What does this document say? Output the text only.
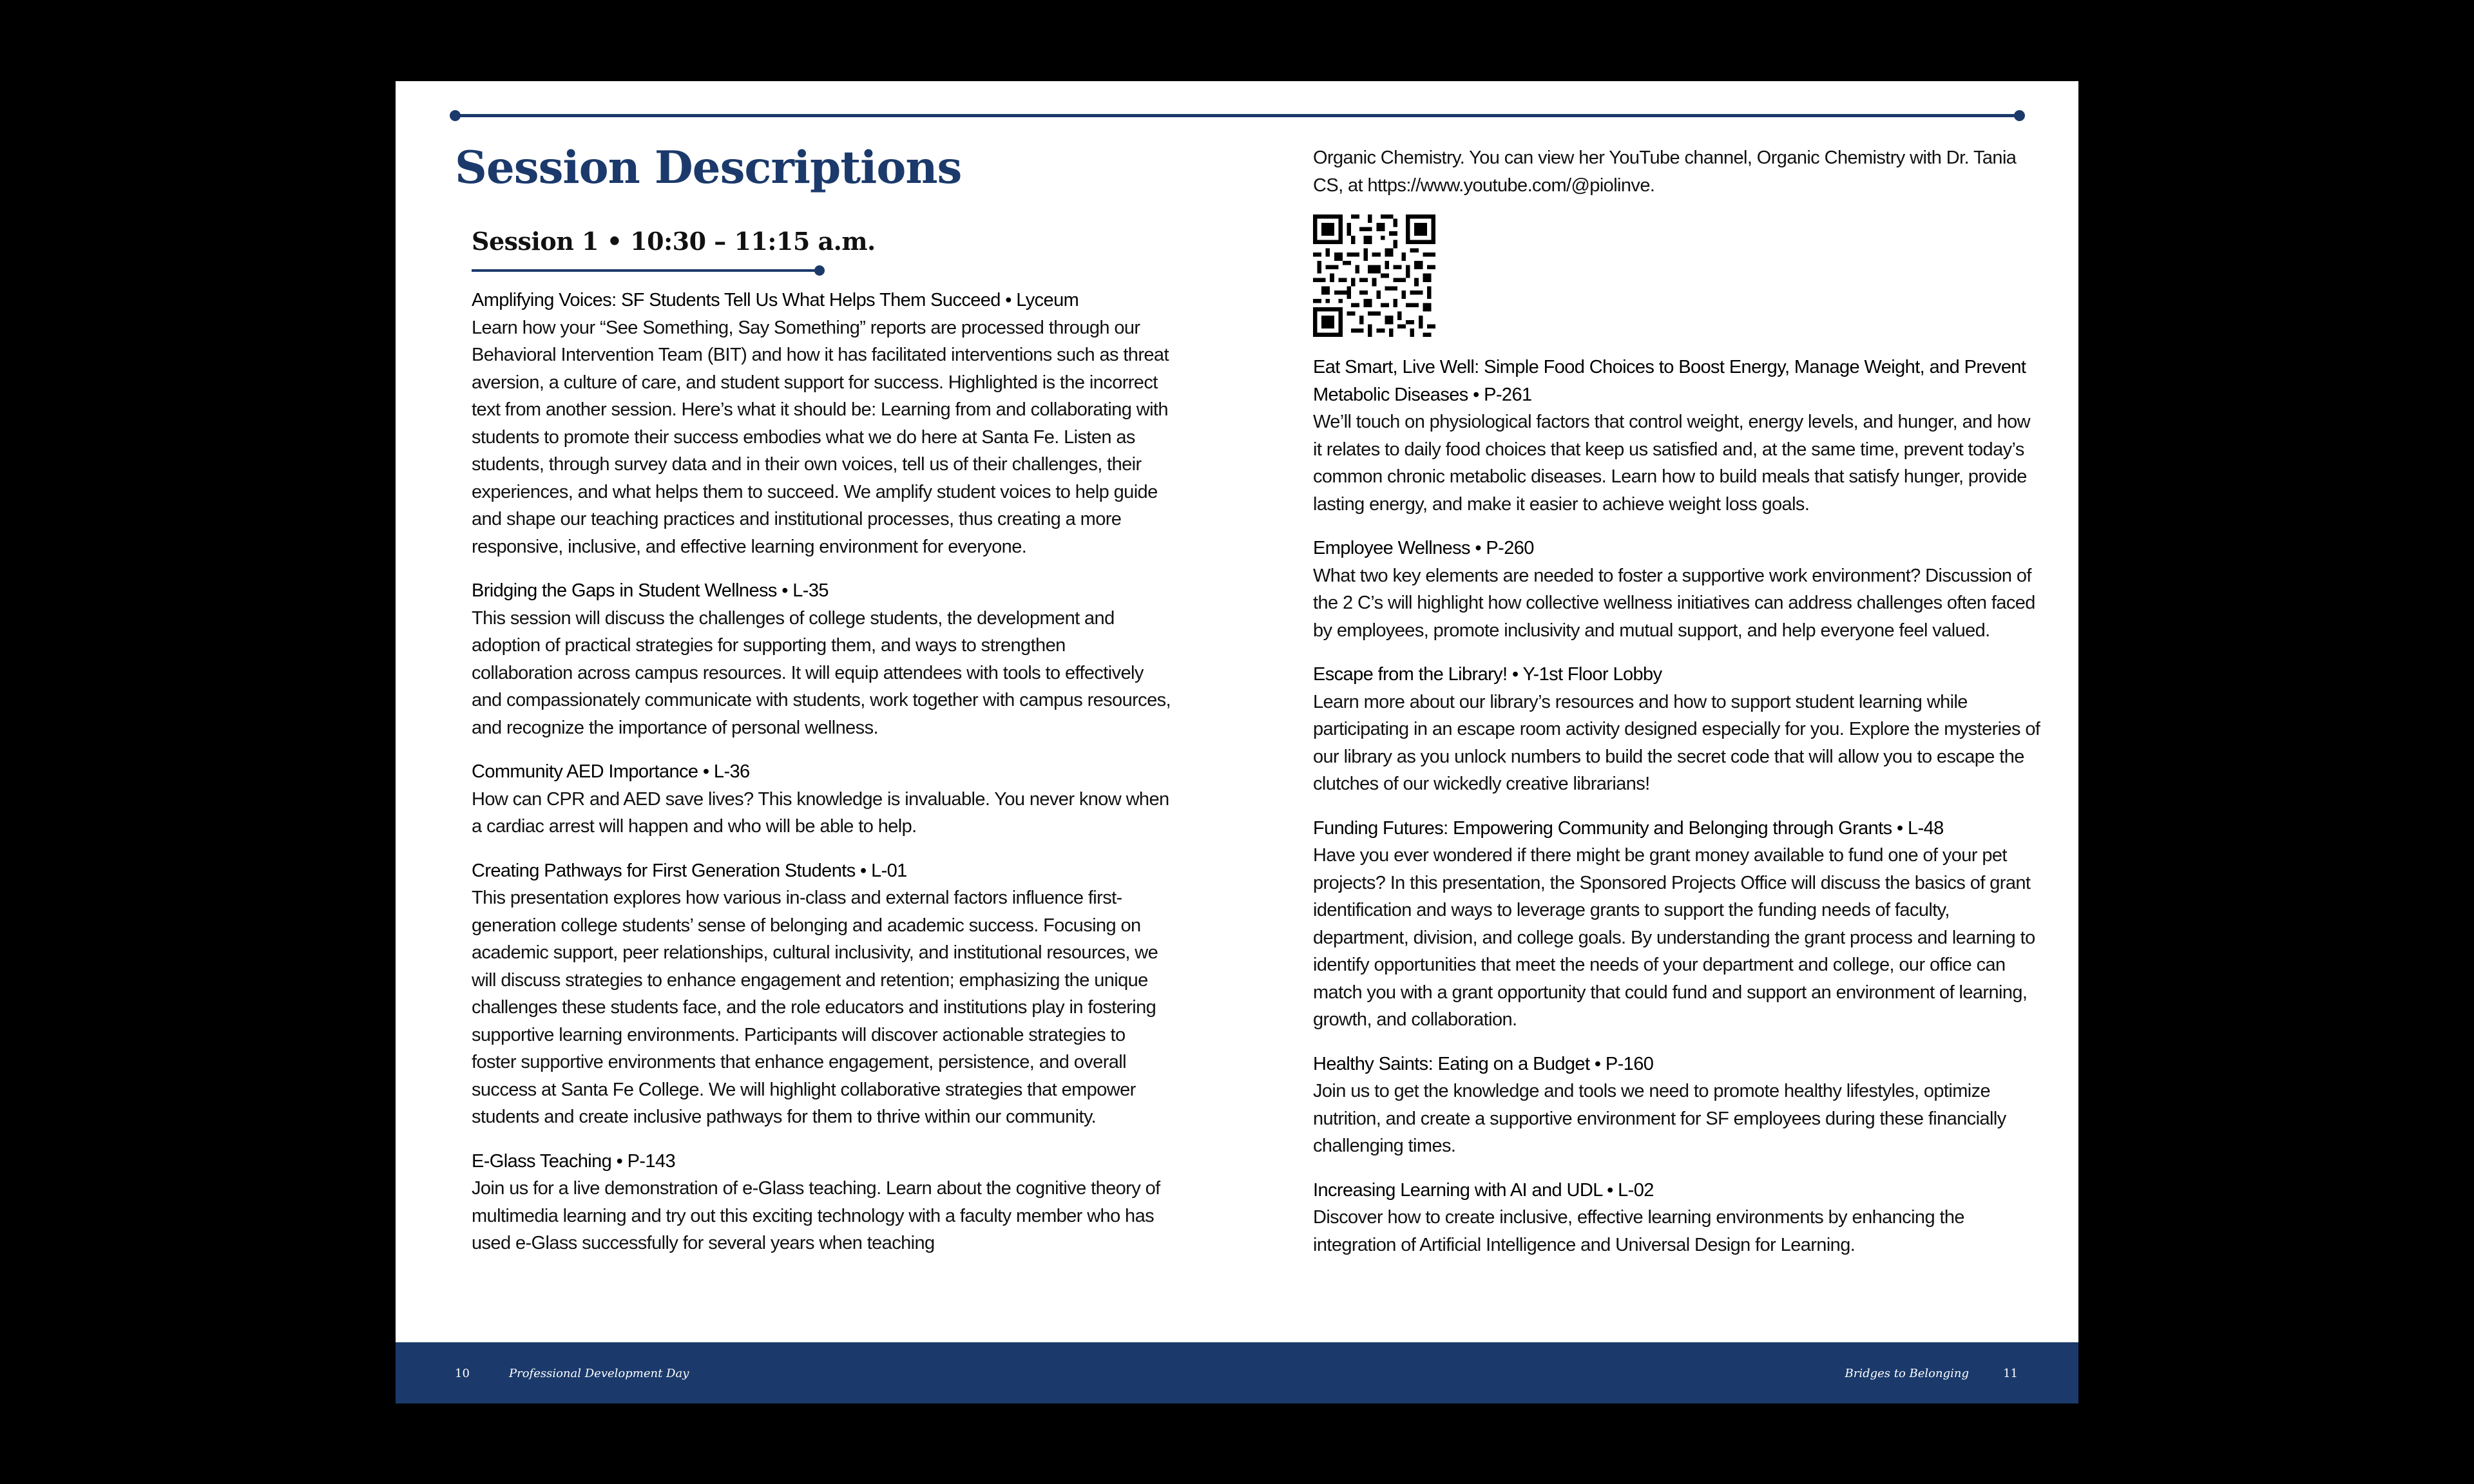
Session Descriptions
Session 1 • 10:30 – 11:15 a.m.
Amplifying Voices: SF Students Tell Us What Helps Them Succeed • Lyceum

Learn how your “See Something, Say Something” reports are processed through our Behavioral Intervention Team (BIT) and how it has facilitated interventions such as threat aversion, a culture of care, and student support for success. Highlighted is the incorrect text from another session. Here’s what it should be: Learning from and collaborating with students to promote their success embodies what we do here at Santa Fe. Listen as students, through survey data and in their own voices, tell us of their challenges, their experiences, and what helps them to succeed. We amplify student voices to help guide and shape our teaching practices and institutional processes, thus creating a more responsive, inclusive, and effective learning environment for everyone.

Bridging the Gaps in Student Wellness • L-35

This session will discuss the challenges of college students, the development and adoption of practical strategies for supporting them, and ways to strengthen collaboration across campus resources. It will equip attendees with tools to effectively and compassionately communicate with students, work together with campus resources, and recognize the importance of personal wellness.

Community AED Importance • L-36

How can CPR and AED save lives? This knowledge is invaluable. You never know when a cardiac arrest will happen and who will be able to help.

Creating Pathways for First Generation Students • L-01

This presentation explores how various in-class and external factors influence first-generation college students’ sense of belonging and academic success. Focusing on academic support, peer relationships, cultural inclusivity, and institutional resources, we will discuss strategies to enhance engagement and retention; emphasizing the unique challenges these students face, and the role educators and institutions play in fostering supportive learning environments. Participants will discover actionable strategies to foster supportive environments that enhance engagement, persistence, and overall success at Santa Fe College. We will highlight collaborative strategies that empower students and create inclusive pathways for them to thrive within our community.

E-Glass Teaching • P-143

Join us for a live demonstration of e-Glass teaching. Learn about the cognitive theory of multimedia learning and try out this exciting technology with a faculty member who has used e-Glass successfully for several years when teaching

Organic Chemistry. You can view her YouTube channel, Organic Chemistry with Dr. Tania CS, at https://www.youtube.com/@piolinve.

Eat Smart, Live Well: Simple Food Choices to Boost Energy, Manage Weight, and Prevent Metabolic Diseases • P-261

We’ll touch on physiological factors that control weight, energy levels, and hunger, and how it relates to daily food choices that keep us satisfied and, at the same time, prevent today’s common chronic metabolic diseases. Learn how to build meals that satisfy hunger, provide lasting energy, and make it easier to achieve weight loss goals.

Employee Wellness • P-260

What two key elements are needed to foster a supportive work environment? Discussion of the 2 C’s will highlight how collective wellness initiatives can address challenges often faced by employees, promote inclusivity and mutual support, and help everyone feel valued.

Escape from the Library! • Y-1st Floor Lobby

Learn more about our library’s resources and how to support student learning while participating in an escape room activity designed especially for you. Explore the mysteries of our library as you unlock numbers to build the secret code that will allow you to escape the clutches of our wickedly creative librarians!

Funding Futures: Empowering Community and Belonging through Grants • L-48

Have you ever wondered if there might be grant money available to fund one of your pet projects? In this presentation, the Sponsored Projects Office will discuss the basics of grant identification and ways to leverage grants to support the funding needs of faculty, department, division, and college goals. By understanding the grant process and learning to identify opportunities that meet the needs of your department and college, our office can match you with a grant opportunity that could fund and support an environment of learning, growth, and collaboration.

Healthy Saints: Eating on a Budget • P-160

Join us to get the knowledge and tools we need to promote healthy lifestyles, optimize nutrition, and create a supportive environment for SF employees during these financially challenging times.

Increasing Learning with AI and UDL • L-02

Discover how to create inclusive, effective learning environments by enhancing the integration of Artificial Intelligence and Universal Design for Learning.

10	Professional Development Day	Bridges to Belonging	11
